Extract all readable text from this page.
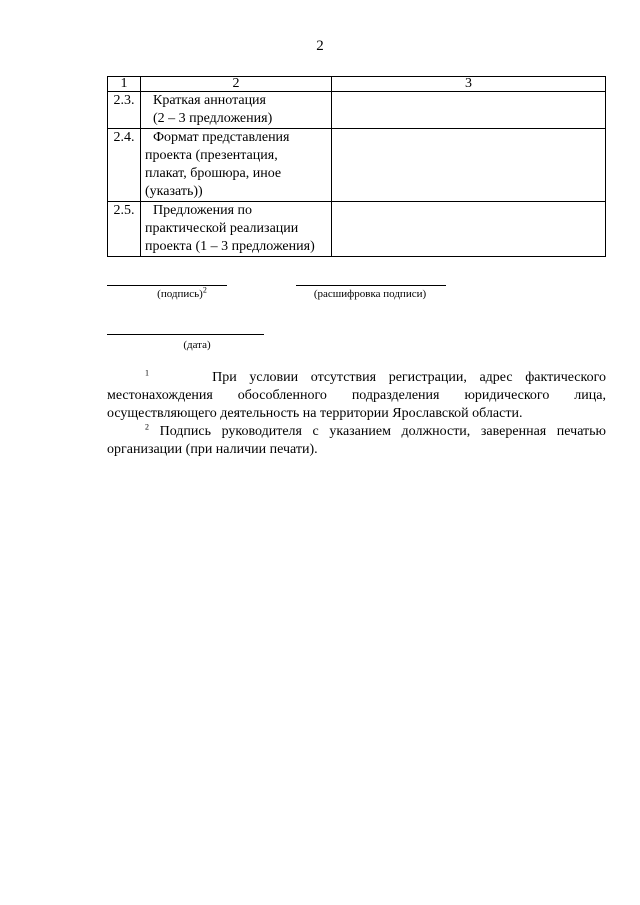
2
1	2	3
2.3.	Краткая аннотация
(2 – 3 предложения)	

2.4.	Формат представления
проекта (презентация,
плакат, брошюра, иное
(указать))	

2.5.	Предложения по
практической реализации
проекта (1 – 3 предложения)	

(подпись)$^2$	(расшифровка подписи)
(дата)
$^1$	При условии отсутствия регистрации, адрес фактического местонахождения обособленного подразделения юридического лица, осуществляющего деятельность на территории Ярославской области.
$^2$ Подпись руководителя с указанием должности, заверенная печатью организации (при наличии печати).
